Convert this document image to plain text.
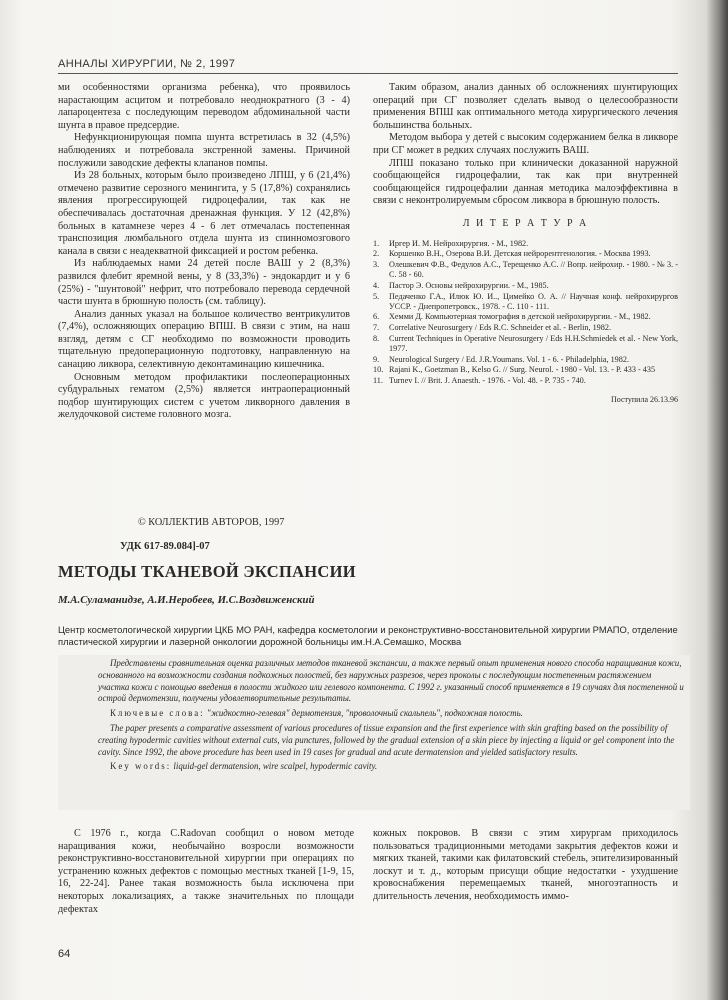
АННАЛЫ ХИРУРГИИ, № 2, 1997

ми особенностями организма ребенка), что проявилось нарастающим асцитом и потребовало неоднократного (3 - 4) лапароцентеза с последующим переводом абдоминальной части шунта в правое предсердие.

Нефункционирующая помпа шунта встретилась в 32 (4,5%) наблюдениях и потребовала экстренной замены. Причиной послужили заводские дефекты клапанов помпы.

Из 28 больных, которым было произведено ЛПШ, у 6 (21,4%) отмечено развитие серозного менингита, у 5 (17,8%) сохранялись явления прогрессирующей гидроцефалии, так как не обеспечивалась достаточная дренажная функция. У 12 (42,8%) больных в катамнезе через 4 - 6 лет отмечалась постепенная транспозиция люмбального отдела шунта из спинномозгового канала в связи с неадекватной фиксацией и ростом ребенка.

Из наблюдаемых нами 24 детей после ВАШ у 2 (8,3%) развился флебит яремной вены, у 8 (33,3%) - эндокардит и у 6 (25%) - "шунтовой" нефрит, что потребовало перевода сердечной части шунта в брюшную полость (см. таблицу).

Анализ данных указал на большое количество вентрикулитов (7,4%), осложняющих операцию ВПШ. В связи с этим, на наш взгляд, детям с СГ необходимо по возможности проводить тщательную предоперационную подготовку, направленную на санацию ликвора, селективную деконтаминацию кишечника.

Основным методом профилактики послеоперационных субдуральных гематом (2,5%) является интраоперационный подбор шунтирующих систем с учетом ликворного давления в желудочковой системе головного мозга.

Таким образом, анализ данных об осложнениях шунтирующих операций при СГ позволяет сделать вывод о целесообразности применения ВПШ как оптимального метода хирургического лечения большинства больных.

Методом выбора у детей с высоким содержанием белка в ликворе при СГ может в редких случаях послужить ВАШ.

ЛПШ показано только при клинически доказанной наружной сообщающейся гидроцефалии, так как при внутренней сообщающейся гидроцефалии данная методика малоэффективна в связи с неконтролируемым сбросом ликвора в брюшную полость.

Л И Т Е Р А Т У Р А
1. Иргер И. М. Нейрохирургия. - М., 1982.
2. Коршенко В.Н., Озерова В.И. Детская нейрорентгенология. - Москва 1993.
3. Олешкевич Ф.В., Федулов А.С., Терещенко А.С. // Вопр. нейрохир. - 1980. - № 3. - С. 58 - 60.
4. Пастор Э. Основы нейрохирургии. - М., 1985.
5. Педаченко Г.А., Илюк Ю. И.., Цимейко О. А. // Научная конф. нейрохирургов УССР. - Днепропетровск., 1978. - С. 110 - 111.
6. Хемми Д. Компьютерная томография в детской нейрохирургии. - М., 1982.
7. Correlative Neurosurgery / Eds R.C. Schneider et al. - Berlin, 1982.
8. Current Techniques in Operative Neurosurgery / Eds H.H.Schmiedek et al. - New York, 1977.
9. Neurological Surgery / Ed. J.R.Youmans. Vol. 1 - 6. - Philadelphia, 1982.
10. Rajani K., Goetzman B., Kelso G. // Surg. Neurol. - 1980 - Vol. 13. - P. 433 - 435
11. Turnev I. // Brit. J. Anaesth. - 1976. - Vol. 48. - P. 735 - 740.
Поступила 26.13.96
© КОЛЛЕКТИВ АВТОРОВ, 1997
УДК 617-89.084]-07
МЕТОДЫ ТКАНЕВОЙ ЭКСПАНСИИ
М.А.Суламанидзе, А.И.Неробеев, И.С.Воздвиженский
Центр косметологической хирургии ЦКБ МО РАН, кафедра косметологии и реконструктивно-восстановительной хирургии РМАПО, отделение пластической хирургии и лазерной онкологии дорожной больницы им.Н.А.Семашко, Москва

Представлены сравнительная оценка различных методов тканевой экспансии, а также первый опыт применения нового способа наращивания кожи, основанного на возможности создания подкожных полостей, без наружных разрезов, через проколы с последующим постепенным растяжением участка кожи с помощью введения в полости жидкого или гелевого компонента. С 1992 г. указанный способ применяется в 19 случаях для постепенной и острой дермотензии, получены удовлетворительные результаты.

Ключевые слова: "жидкостно-гелевая" дермотензия, "проволочный скальпель", подкожная полость.

The paper presents a comparative assessment of various procedures of tissue expansion and the first experience with skin grafting based on the possibility of creating hypodermic cavities without external cuts, via punctures, followed by the gradual extension of a skin piece by injecting a liquid or gel component into the cavity. Since 1992, the above procedure has been used in 19 cases for gradual and acute dermatension and yielded satisfactory results.

Key words: liquid-gel dermatension, wire scalpel, hypodermic cavity.

С 1976 г., когда C.Radovan сообщил о новом методе наращивания кожи, необычайно возросли возможности реконструктивно-восстановительной хирургии при операциях по устранению кожных дефектов с помощью местных тканей [1-9, 15, 16, 22-24]. Ранее такая возможность была исключена при некоторых локализациях, а также значительных по площади дефектах

кожных покровов. В связи с этим хирургам приходилось пользоваться традиционными методами закрытия дефектов кожи и мягких тканей, такими как филатовский стебель, эпителизированный лоскут и т. д., которым присущи общие недостатки - ухудшение кровоснабжения перемещаемых тканей, многоэтапность и длительность лечения, необходимость иммо-

64
